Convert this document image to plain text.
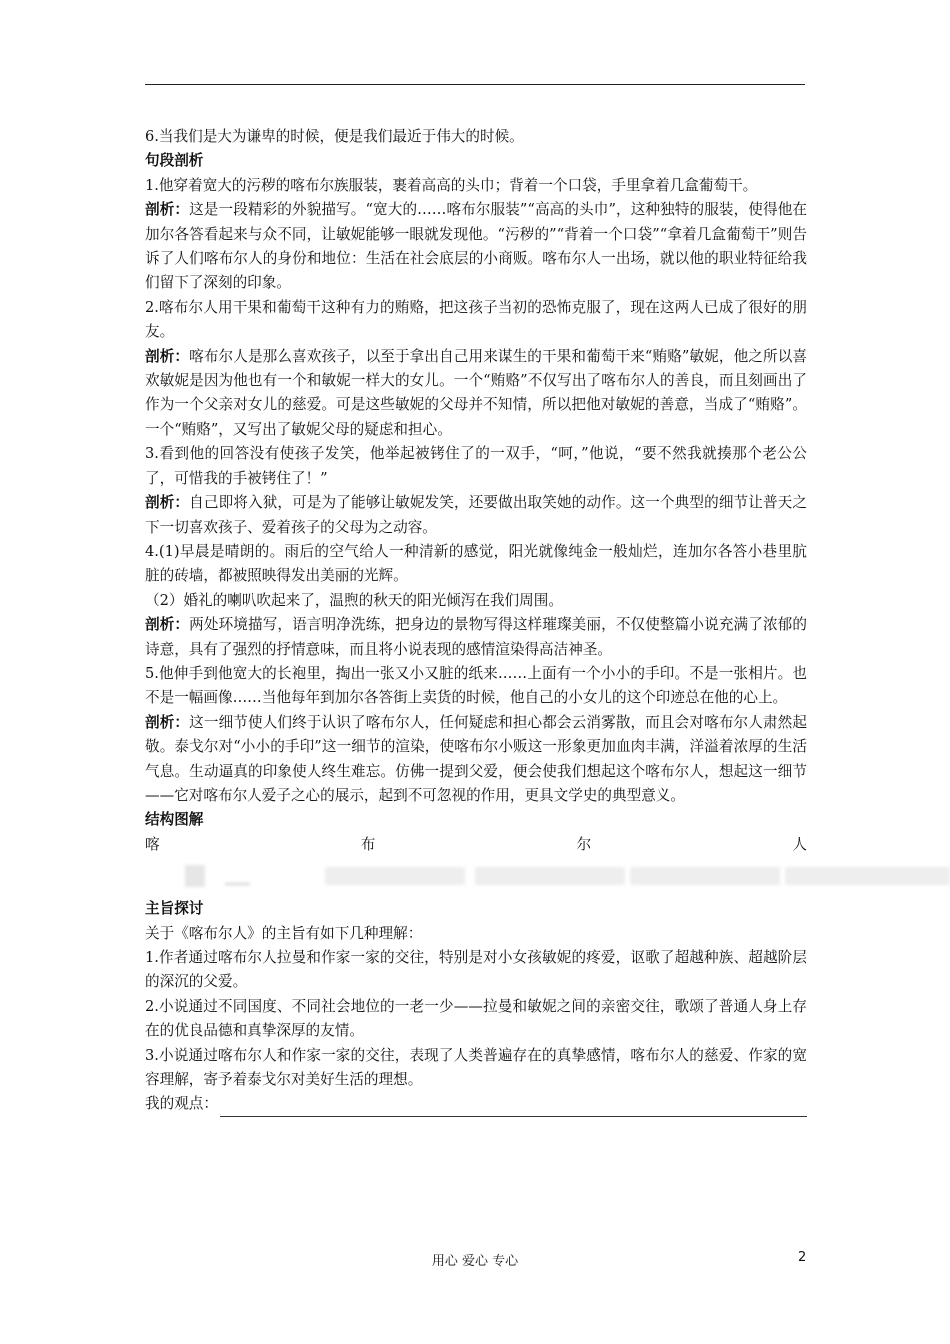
6.当我们是大为谦卑的时候，便是我们最近于伟大的时候。

句段剖析

1.他穿着宽大的污秽的喀布尔族服装，裹着高高的头巾；背着一个口袋，手里拿着几盒葡萄干。

剖析：这是一段精彩的外貌描写。“宽大的……喀布尔服装”“高高的头巾”，这种独特的服装，使得他在加尔各答看起来与众不同，让敏妮能够一眼就发现他。“污秽的”“背着一个口袋”“拿着几盒葡萄干”则告诉了人们喀布尔人的身份和地位：生活在社会底层的小商贩。喀布尔人一出场，就以他的职业特征给我们留下了深刻的印象。

2.喀布尔人用干果和葡萄干这种有力的贿赂，把这孩子当初的恐怖克服了，现在这两人已成了很好的朋友。

剖析：喀布尔人是那么喜欢孩子，以至于拿出自己用来谋生的干果和葡萄干来“贿赂”敏妮，他之所以喜欢敏妮是因为他也有一个和敏妮一样大的女儿。一个“贿赂”不仅写出了喀布尔人的善良，而且刻画出了作为一个父亲对女儿的慈爱。可是这些敏妮的父母并不知情，所以把他对敏妮的善意，当成了“贿赂”。一个“贿赂”，又写出了敏妮父母的疑虑和担心。

3.看到他的回答没有使孩子发笑，他举起被铐住了的一双手，“呵，”他说，“要不然我就揍那个老公公了，可惜我的手被铐住了！”

剖析：自己即将入狱，可是为了能够让敏妮发笑，还要做出取笑她的动作。这一个典型的细节让普天之下一切喜欢孩子、爱着孩子的父母为之动容。

4.(1)早晨是晴朗的。雨后的空气给人一种清新的感觉，阳光就像纯金一般灿烂，连加尔各答小巷里肮脏的砖墙，都被照映得发出美丽的光辉。

（2）婚礼的喇叭吹起来了，温煦的秋天的阳光倾泻在我们周围。

剖析：两处环境描写，语言明净洗练，把身边的景物写得这样璀璨美丽，不仅使整篇小说充满了浓郁的诗意，具有了强烈的抒情意味，而且将小说表现的感情渲染得高洁神圣。

5.他伸手到他宽大的长袍里，掏出一张又小又脏的纸来……上面有一个小小的手印。不是一张相片。也不是一幅画像……当他每年到加尔各答街上卖货的时候，他自己的小女儿的这个印迹总在他的心上。

剖析：这一细节使人们终于认识了喀布尔人，任何疑虑和担心都会云消雾散，而且会对喀布尔人肃然起敬。泰戈尔对“小小的手印”这一细节的渲染，使喀布尔小贩这一形象更加血肉丰满，洋溢着浓厚的生活气息。生动逼真的印象使人终生难忘。仿佛一提到父爱，便会使我们想起这个喀布尔人，想起这一细节——它对喀布尔人爱子之心的展示，起到不可忽视的作用，更具文学史的典型意义。

结构图解

喀	布	尔	人

主旨探讨

关于《喀布尔人》的主旨有如下几种理解：

1.作者通过喀布尔人拉曼和作家一家的交往，特别是对小女孩敏妮的疼爱，讴歌了超越种族、超越阶层的深沉的父爱。

2.小说通过不同国度、不同社会地位的一老一少——拉曼和敏妮之间的亲密交往，歌颂了普通人身上存在的优良品德和真挚深厚的友情。

3.小说通过喀布尔人和作家一家的交往，表现了人类普遍存在的真挚感情，喀布尔人的慈爱、作家的宽容理解，寄予着泰戈尔对美好生活的理想。

我的观点：
用心 爱心 专心	2
